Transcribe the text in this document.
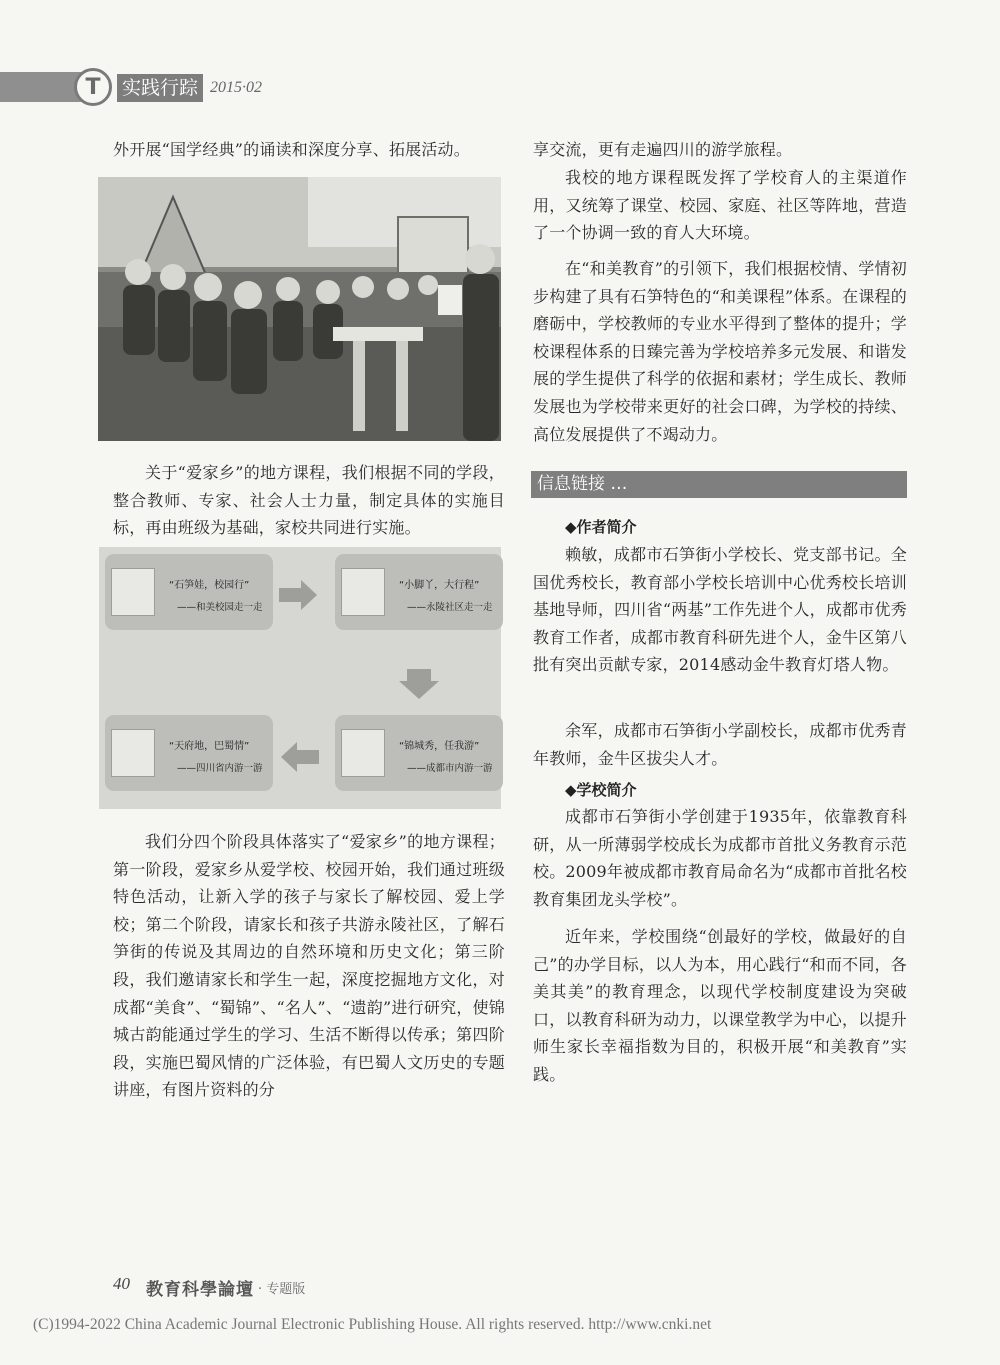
T 实践行踪 2015·02

外开展“国学经典”的诵读和深度分享、拓展活动。

关于“爱家乡”的地方课程，我们根据不同的学段，整合教师、专家、社会人士力量，制定具体的实施目标，再由班级为基础，家校共同进行实施。

“石笋娃，校园行”
——和美校园走一走
“小脚丫，大行程”
——永陵社区走一走
“锦城秀，任我游”
——成都市内游一游
“天府地，巴蜀情”
——四川省内游一游

我们分四个阶段具体落实了“爱家乡”的地方课程；第一阶段，爱家乡从爱学校、校园开始，我们通过班级特色活动，让新入学的孩子与家长了解校园、爱上学校；第二个阶段，请家长和孩子共游永陵社区，了解石笋街的传说及其周边的自然环境和历史文化；第三阶段，我们邀请家长和学生一起，深度挖掘地方文化，对成都“美食”、“蜀锦”、“名人”、“遗韵”进行研究，使锦城古韵能通过学生的学习、生活不断得以传承；第四阶段，实施巴蜀风情的广泛体验，有巴蜀人文历史的专题讲座，有图片资料的分

享交流，更有走遍四川的游学旅程。

我校的地方课程既发挥了学校育人的主渠道作用，又统筹了课堂、校园、家庭、社区等阵地，营造了一个协调一致的育人大环境。

在“和美教育”的引领下，我们根据校情、学情初步构建了具有石笋特色的“和美课程”体系。在课程的磨砺中，学校教师的专业水平得到了整体的提升；学校课程体系的日臻完善为学校培养多元发展、和谐发展的学生提供了科学的依据和素材；学生成长、教师发展也为学校带来更好的社会口碑，为学校的持续、高位发展提供了不竭动力。

信息链接 …
◆作者简介

赖敏，成都市石笋街小学校长、党支部书记。全国优秀校长，教育部小学校长培训中心优秀校长培训基地导师，四川省“两基”工作先进个人，成都市优秀教育工作者，成都市教育科研先进个人，金牛区第八批有突出贡献专家，2014感动金牛教育灯塔人物。

余军，成都市石笋街小学副校长，成都市优秀青年教师，金牛区拔尖人才。

◆学校简介

成都市石笋街小学创建于1935年，依靠教育科研，从一所薄弱学校成长为成都市首批义务教育示范校。2009年被成都市教育局命名为“成都市首批名校教育集团龙头学校”。

近年来，学校围绕“创最好的学校，做最好的自己”的办学目标，以人为本，用心践行“和而不同，各美其美”的教育理念，以现代学校制度建设为突破口，以教育科研为动力，以课堂教学为中心，以提升师生家长幸福指数为目的，积极开展“和美教育”实践。

40 教育科學論壇 · 专题版
(C)1994-2022 China Academic Journal Electronic Publishing House. All rights reserved. http://www.cnki.net
